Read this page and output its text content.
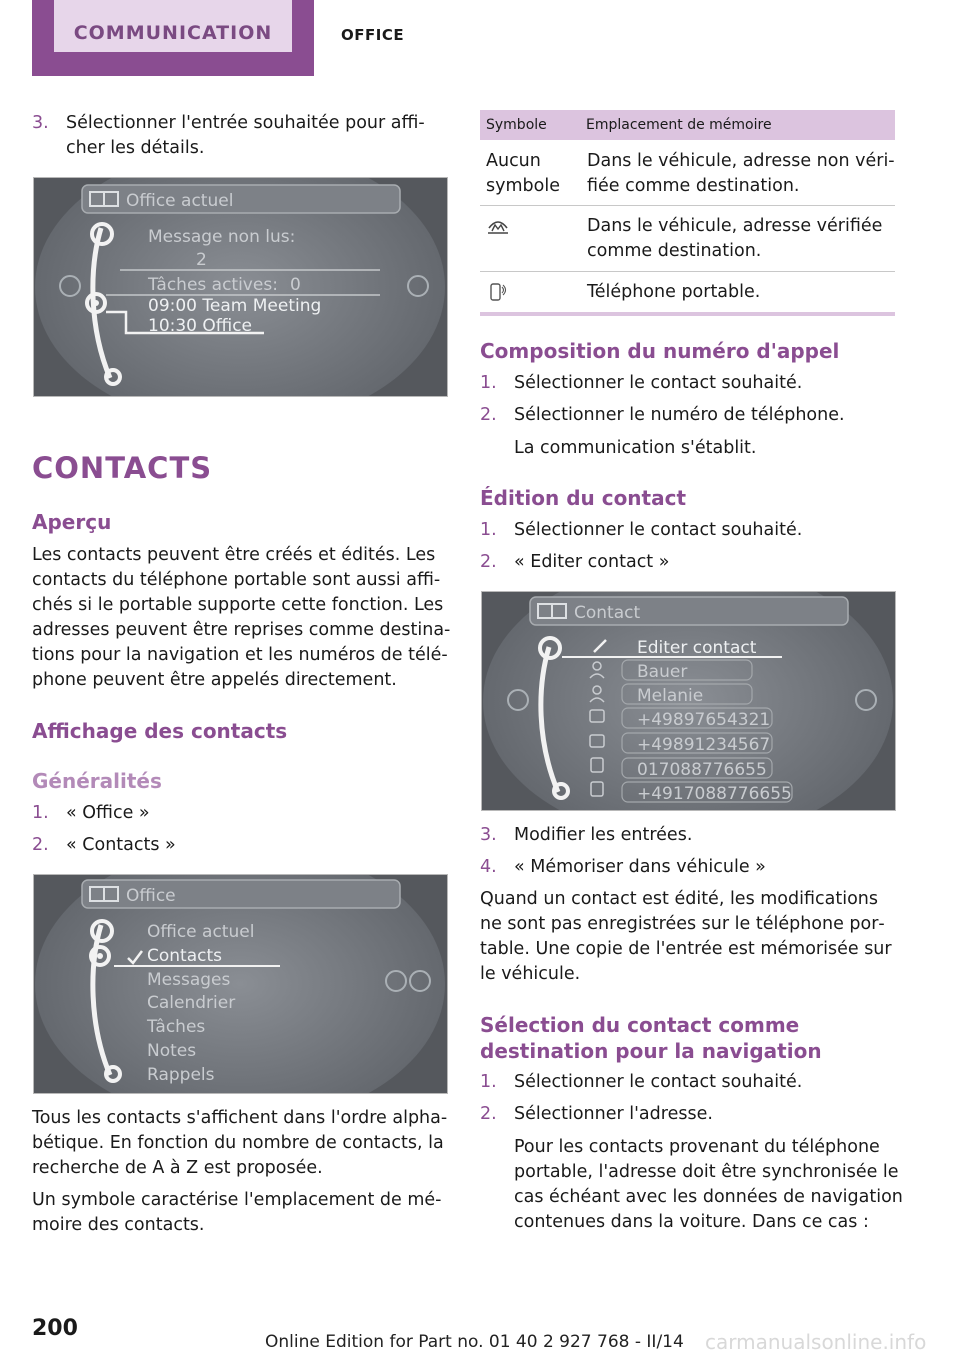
COMMUNICATION	OFFICE
3. Sélectionner l'entrée souhaitée pour affi‐
cher les détails.
Office actuel
Message non lus:
2
Tâches actives: 0
09:00 Team Meeting
10:30 Office
CONTACTS
Aperçu
Les contacts peuvent être créés et édités. Les
contacts du téléphone portable sont aussi affi‐
chés si le portable supporte cette fonction. Les
adresses peuvent être reprises comme destina‐
tions pour la navigation et les numéros de télé‐
phone peuvent être appelés directement.
Affichage des contacts
Généralités
1. « Office »
2. « Contacts »
Office
Office actuel
Contacts
Messages
Calendrier
Tâches
Notes
Rappels
Tous les contacts s'affichent dans l'ordre alpha‐
bétique. En fonction du nombre de contacts, la
recherche de A à Z est proposée.
Un symbole caractérise l'emplacement de mé‐
moire des contacts.
Symbole	Emplacement de mémoire
Aucun
symbole
Dans le véhicule, adresse non véri‐
fiée comme destination.
Dans le véhicule, adresse vérifiée
comme destination.
Téléphone portable.
Composition du numéro d'appel
1. Sélectionner le contact souhaité.
2. Sélectionner le numéro de téléphone.
La communication s'établit.
Édition du contact
1. Sélectionner le contact souhaité.
2. « Editer contact »
Contact
Editer contact
Bauer
Melanie
+49897654321
+49891234567
017088776655
+4917088776655
3. Modifier les entrées.
4. « Mémoriser dans véhicule »
Quand un contact est édité, les modifications
ne sont pas enregistrées sur le téléphone por‐
table. Une copie de l'entrée est mémorisée sur
le véhicule.
Sélection du contact comme
destination pour la navigation
1. Sélectionner le contact souhaité.
2. Sélectionner l'adresse.
Pour les contacts provenant du téléphone
portable, l'adresse doit être synchronisée le
cas échéant avec les données de navigation
contenues dans la voiture. Dans ce cas :
200
Online Edition for Part no. 01 40 2 927 768 - II/14 carmanualsonline.info
